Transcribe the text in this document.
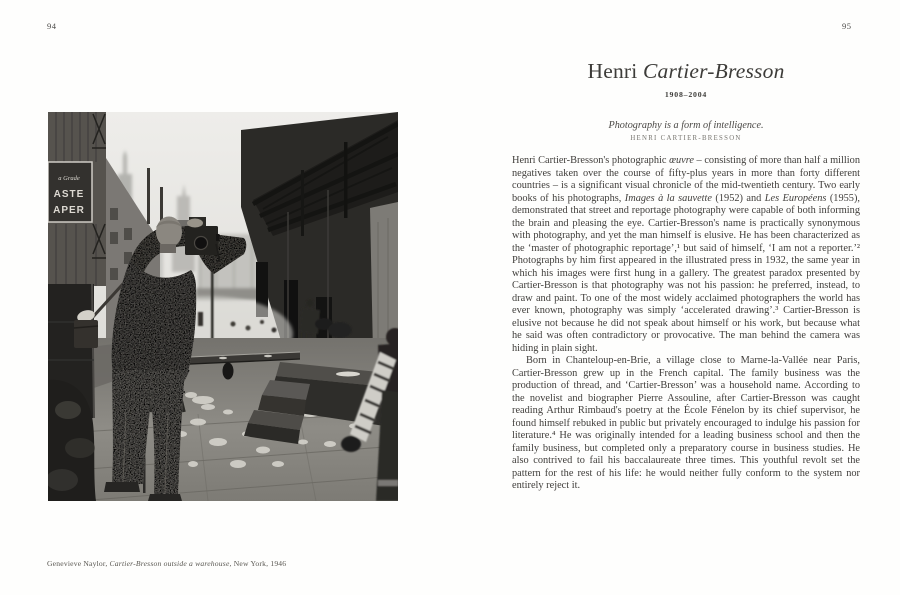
94	95
a Grade
ASTE
APER

Genevieve Naylor, Cartier-Bresson outside a warehouse, New York, 1946

Henri Cartier-Bresson
1908–2004
Photography is a form of intelligence.
HENRI CARTIER-BRESSON

Henri Cartier-Bresson's photographic œuvre – consisting of more than half a million negatives taken over the course of fifty-plus years in more than forty different countries – is a significant visual chronicle of the mid-twentieth century. Two early books of his photographs, Images à la sauvette (1952) and Les Européens (1955), demonstrated that street and reportage photography were capable of both informing the brain and pleasing the eye. Cartier-Bresson's name is practically synonymous with photography, and yet the man himself is elusive. He has been characterized as the ‘master of photographic reportage’,¹ but said of himself, ‘I am not a reporter.’² Photographs by him first appeared in the illustrated press in 1932, the same year in which his images were first hung in a gallery. The greatest paradox presented by Cartier-Bresson is that photography was not his passion: he preferred, instead, to draw and paint. To one of the most widely acclaimed photographers the world has ever known, photography was simply ‘accelerated drawing’.³ Cartier-Bresson is elusive not because he did not speak about himself or his work, but because what he said was often contradictory or provocative. The man behind the camera was hiding in plain sight.

Born in Chanteloup-en-Brie, a village close to Marne-la-Vallée near Paris, Cartier-Bresson grew up in the French capital. The family business was the production of thread, and ‘Cartier-Bresson’ was a household name. According to the novelist and biographer Pierre Assouline, after Cartier-Bresson was caught reading Arthur Rimbaud's poetry at the École Fénelon by its chief supervisor, he found himself rebuked in public but privately encouraged to indulge his passion for literature.⁴ He was originally intended for a leading business school and then the family business, but completed only a preparatory course in business studies. He also contrived to fail his baccalaureate three times. This youthful revolt set the pattern for the rest of his life: he would neither fully conform to the system nor entirely reject it.
